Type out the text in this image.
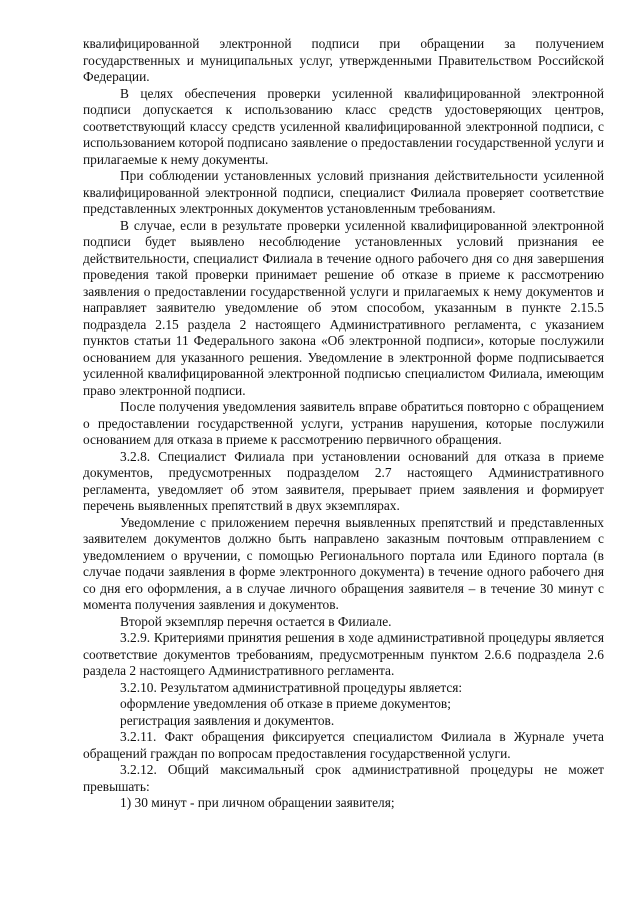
квалифицированной электронной подписи при обращении за получением государственных и муниципальных услуг, утвержденными Правительством Российской Федерации.

В целях обеспечения проверки усиленной квалифицированной электронной подписи допускается к использованию класс средств удостоверяющих центров, соответствующий классу средств усиленной квалифицированной электронной подписи, с использованием которой подписано заявление о предоставлении государственной услуги и прилагаемые к нему документы.

При соблюдении установленных условий признания действительности усиленной квалифицированной электронной подписи, специалист Филиала проверяет соответствие представленных электронных документов установленным требованиям.

В случае, если в результате проверки усиленной квалифицированной электронной подписи будет выявлено несоблюдение установленных условий признания ее действительности, специалист Филиала в течение одного рабочего дня со дня завершения проведения такой проверки принимает решение об отказе в приеме к рассмотрению заявления о предоставлении государственной услуги и прилагаемых к нему документов и направляет заявителю уведомление об этом способом, указанным в пункте 2.15.5 подраздела 2.15 раздела 2 настоящего Административного регламента, с указанием пунктов статьи 11 Федерального закона «Об электронной подписи», которые послужили основанием для указанного решения. Уведомление в электронной форме подписывается усиленной квалифицированной электронной подписью специалистом Филиала, имеющим право электронной подписи.

После получения уведомления заявитель вправе обратиться повторно с обращением о предоставлении государственной услуги, устранив нарушения, которые послужили основанием для отказа в приеме к рассмотрению первичного обращения.

3.2.8. Специалист Филиала при установлении оснований для отказа в приеме документов, предусмотренных подразделом 2.7 настоящего Административного регламента, уведомляет об этом заявителя, прерывает прием заявления и формирует перечень выявленных препятствий в двух экземплярах.

Уведомление с приложением перечня выявленных препятствий и представленных заявителем документов должно быть направлено заказным почтовым отправлением с уведомлением о вручении, с помощью Регионального портала или Единого портала (в случае подачи заявления в форме электронного документа) в течение одного рабочего дня со дня его оформления, а в случае личного обращения заявителя – в течение 30 минут с момента получения заявления и документов.

Второй экземпляр перечня остается в Филиале.

3.2.9. Критериями принятия решения в ходе административной процедуры является соответствие документов требованиям, предусмотренным пунктом 2.6.6 подраздела 2.6 раздела 2 настоящего Административного регламента.

3.2.10. Результатом административной процедуры является:

оформление уведомления об отказе в приеме документов;

регистрация заявления и документов.

3.2.11. Факт обращения фиксируется специалистом Филиала в Журнале учета обращений граждан по вопросам предоставления государственной услуги.

3.2.12. Общий максимальный срок административной процедуры не может превышать:

1) 30 минут - при личном обращении заявителя;
